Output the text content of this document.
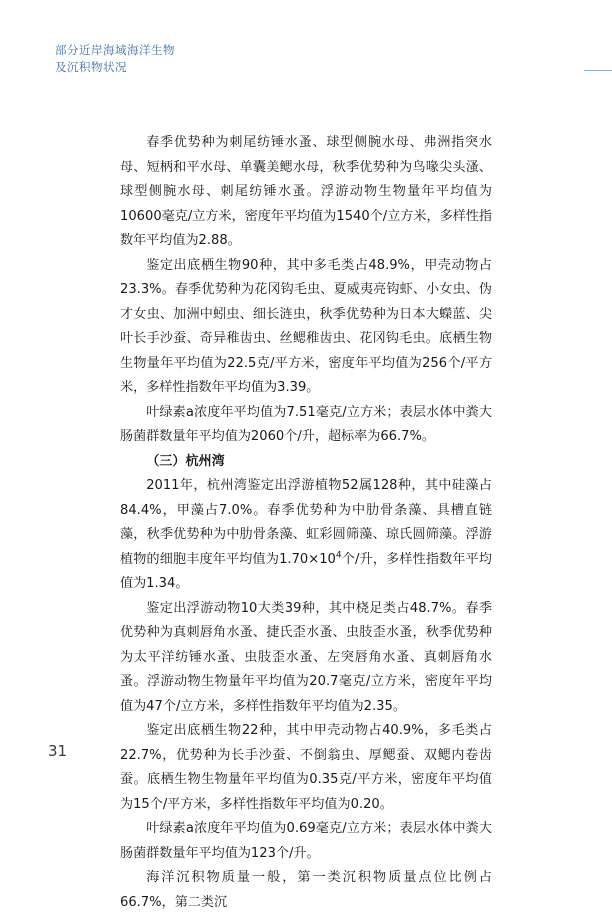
部分近岸海域海洋生物
及沉积物状况

春季优势种为刺尾纺锤水蚤、球型侧腕水母、弗洲指突水母、短柄和平水母、单囊美鳃水母，秋季优势种为鸟喙尖头溞、球型侧腕水母、刺尾纺锤水蚤。浮游动物生物量年平均值为10600毫克/立方米，密度年平均值为1540个/立方米，多样性指数年平均值为2.88。

鉴定出底栖生物90种，其中多毛类占48.9%，甲壳动物占23.3%。春季优势种为花冈钩毛虫、夏威夷亮钩虾、小女虫、伪才女虫、加洲中蚓虫、细长涟虫，秋季优势种为日本大蠑蓝、尖叶长手沙蚕、奇异稚齿虫、丝鳃稚齿虫、花冈钩毛虫。底栖生物生物量年平均值为22.5克/平方米，密度年平均值为256个/平方米，多样性指数年平均值为3.39。

叶绿素a浓度年平均值为7.51毫克/立方米；表层水体中粪大肠菌群数量年平均值为2060个/升，超标率为66.7%。

（三）杭州湾

2011年，杭州湾鉴定出浮游植物52属128种，其中硅藻占84.4%，甲藻占7.0%。春季优势种为中肋骨条藻、具槽直链藻，秋季优势种为中肋骨条藻、虹彩圆筛藻、琼氏圆筛藻。浮游植物的细胞丰度年平均值为$1.70\times 10^4$个/升，多样性指数年平均值为1.34。

鉴定出浮游动物10大类39种，其中桡足类占48.7%。春季优势种为真刺唇角水蚤、捷氏歪水蚤、虫肢歪水蚤，秋季优势种为太平洋纺锤水蚤、虫肢歪水蚤、左突唇角水蚤、真刺唇角水蚤。浮游动物生物量年平均值为20.7毫克/立方米，密度年平均值为47个/立方米，多样性指数年平均值为2.35。

鉴定出底栖生物22种，其中甲壳动物占40.9%，多毛类占22.7%，优势种为长手沙蚕、不倒翁虫、厚鳃蚕、双鳃内卷齿蚕。底栖生物生物量年平均值为0.35克/平方米，密度年平均值为15个/平方米，多样性指数年平均值为0.20。

叶绿素a浓度年平均值为0.69毫克/立方米；表层水体中粪大肠菌群数量年平均值为123个/升。

海洋沉积物质量一般，第一类沉积物质量点位比例占66.7%，第二类沉

31
